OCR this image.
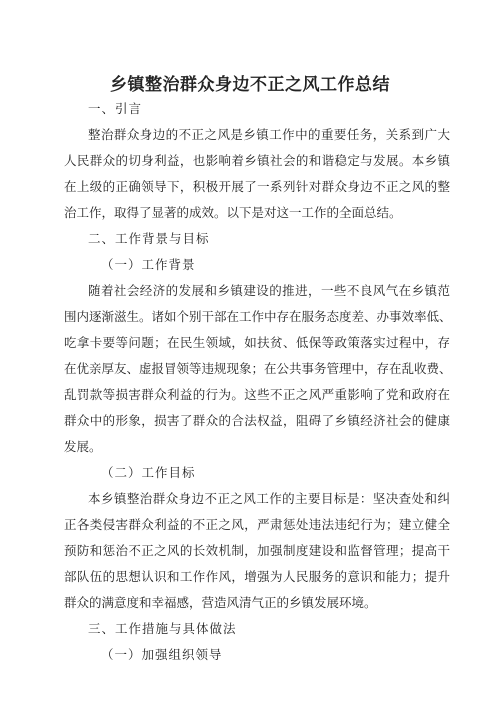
乡镇整治群众身边不正之风工作总结
一、引言
整治群众身边的不正之风是乡镇工作中的重要任务，关系到广大
人民群众的切身利益，也影响着乡镇社会的和谐稳定与发展。本乡镇
在上级的正确领导下，积极开展了一系列针对群众身边不正之风的整
治工作，取得了显著的成效。以下是对这一工作的全面总结。
二、工作背景与目标
（一）工作背景
随着社会经济的发展和乡镇建设的推进，一些不良风气在乡镇范
围内逐渐滋生。诸如个别干部在工作中存在服务态度差、办事效率低、
吃拿卡要等问题；在民生领域，如扶贫、低保等政策落实过程中，存
在优亲厚友、虚报冒领等违规现象；在公共事务管理中，存在乱收费、
乱罚款等损害群众利益的行为。这些不正之风严重影响了党和政府在
群众中的形象，损害了群众的合法权益，阻碍了乡镇经济社会的健康
发展。
（二）工作目标
本乡镇整治群众身边不正之风工作的主要目标是：坚决查处和纠
正各类侵害群众利益的不正之风，严肃惩处违法违纪行为；建立健全
预防和惩治不正之风的长效机制，加强制度建设和监督管理；提高干
部队伍的思想认识和工作作风，增强为人民服务的意识和能力；提升
群众的满意度和幸福感，营造风清气正的乡镇发展环境。
三、工作措施与具体做法
（一）加强组织领导
